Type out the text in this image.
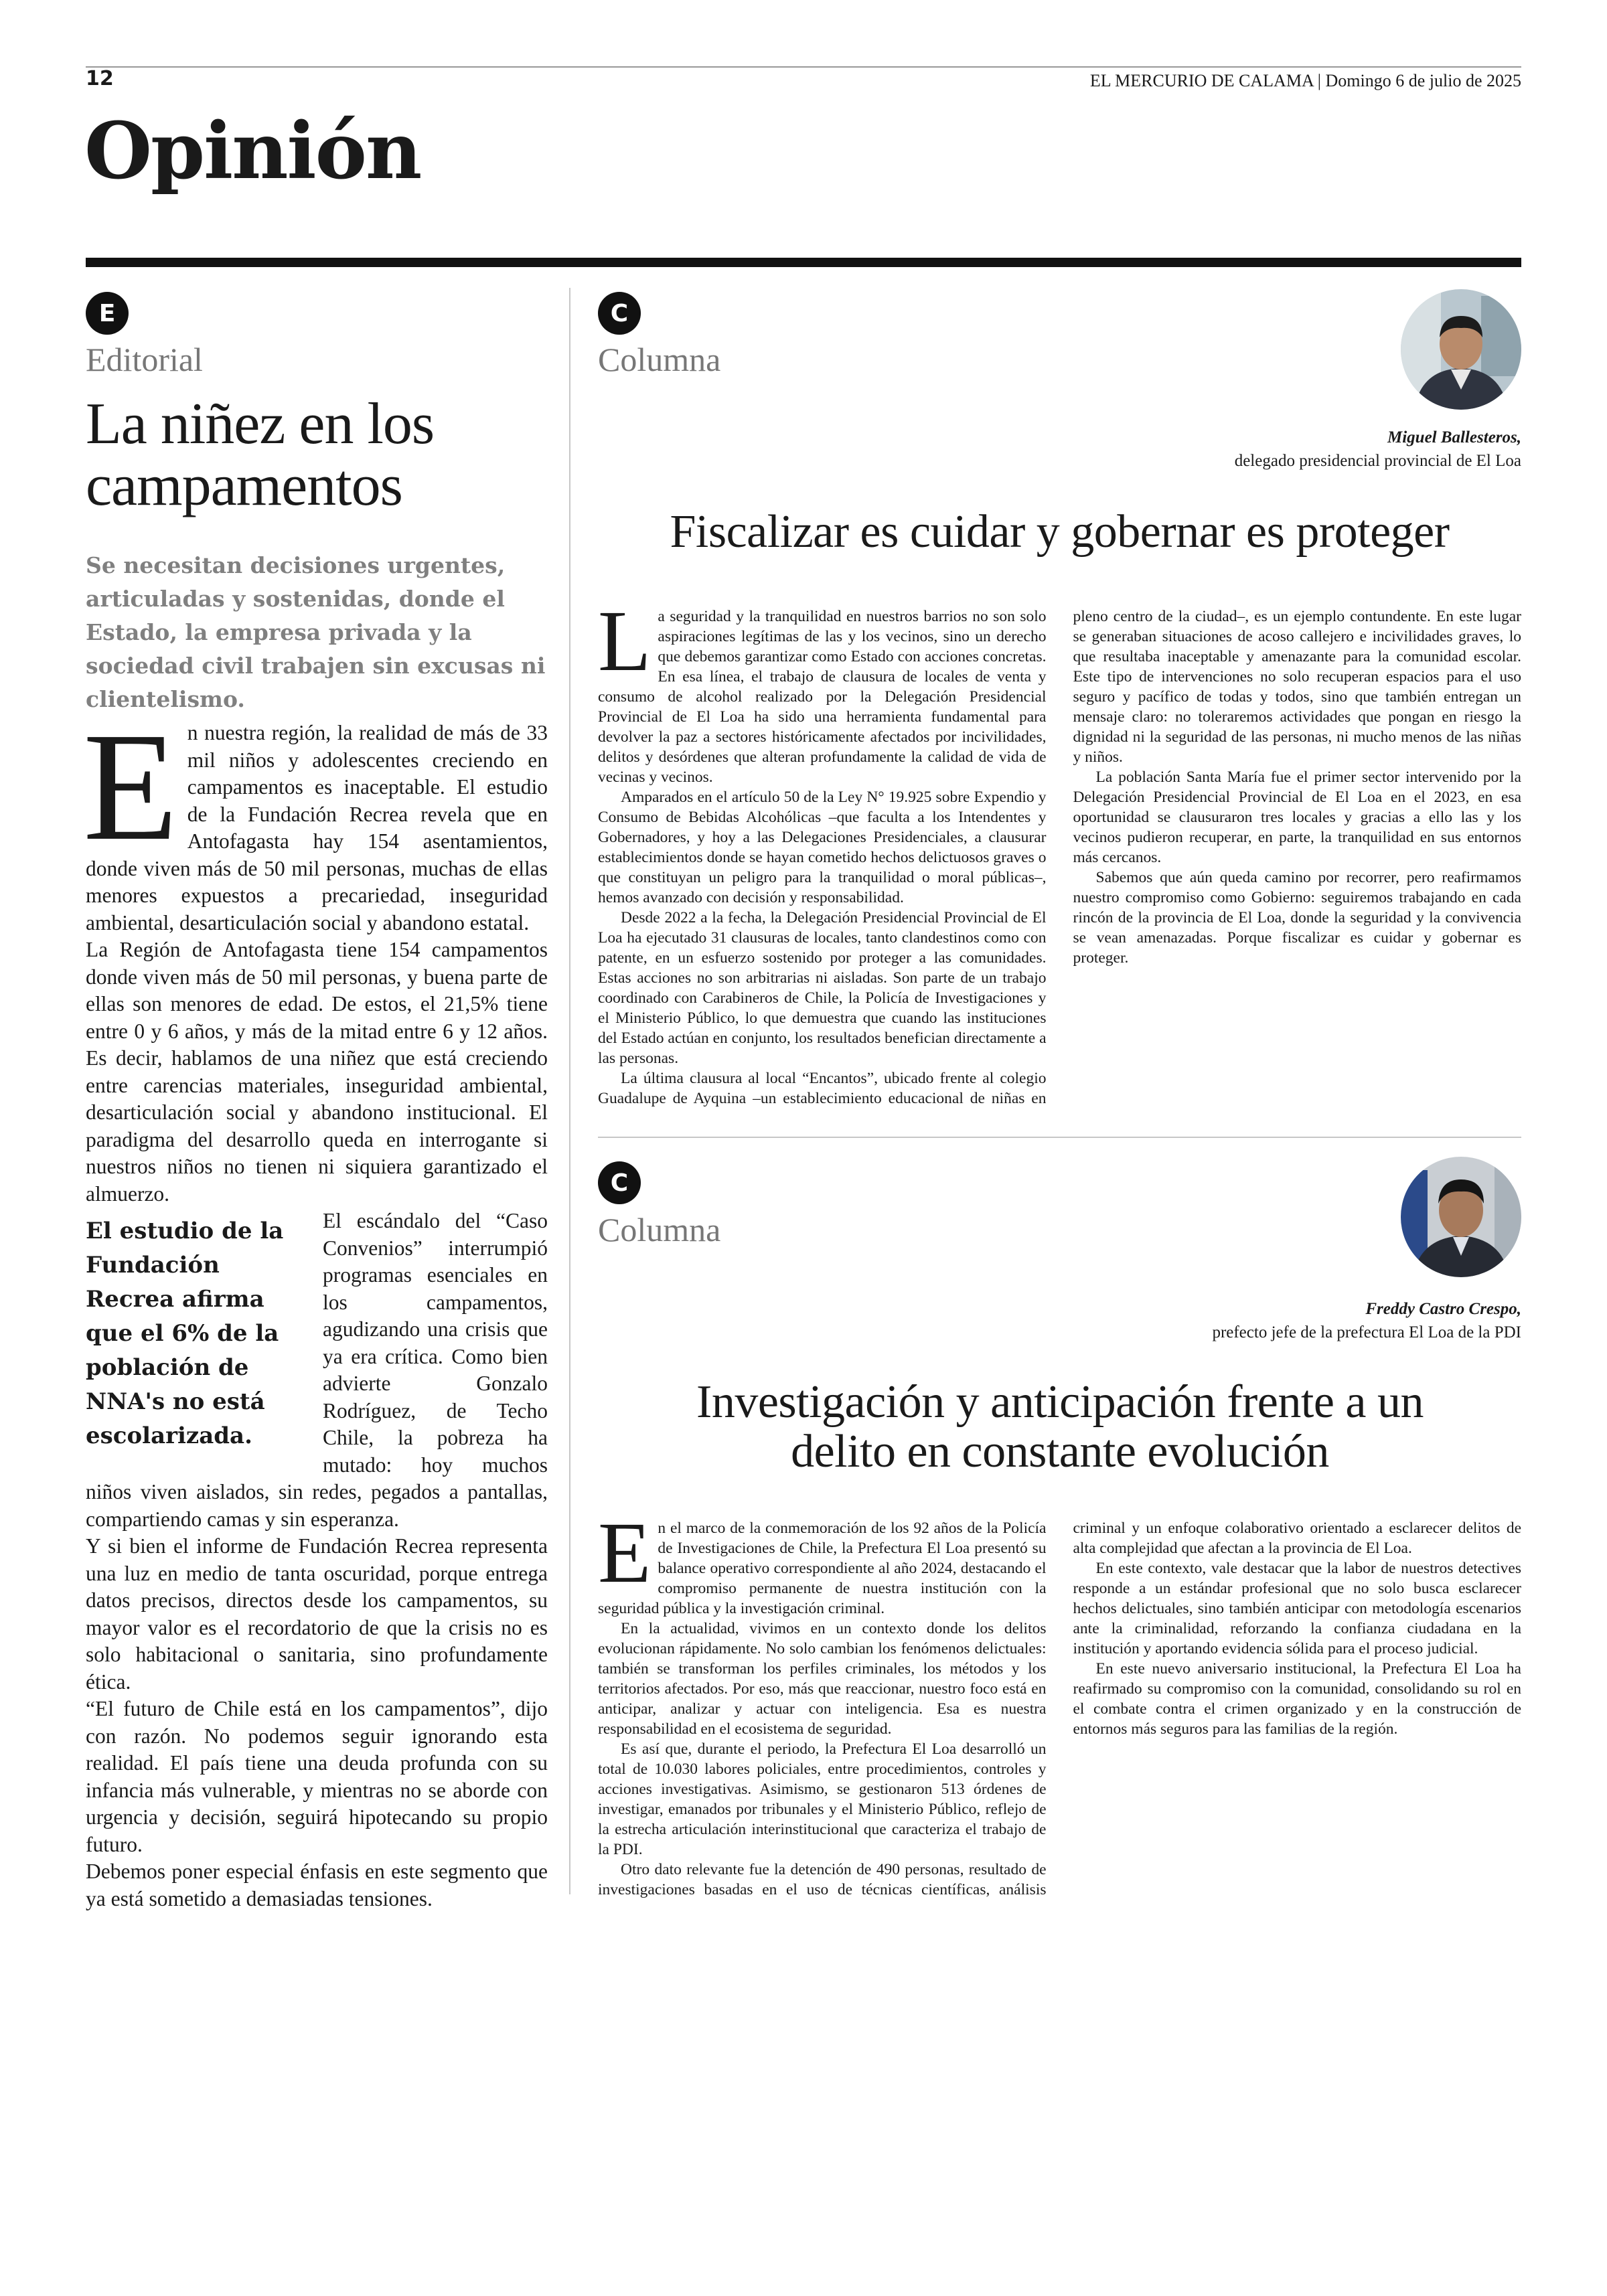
12	EL MERCURIO DE CALAMA | Domingo 6 de julio de 2025
Opinión
E
Editorial
La niñez en los campamentos

Se necesitan decisiones urgentes, articuladas y sostenidas, donde el Estado, la empresa privada y la sociedad civil trabajen sin excusas ni clientelismo.

E n nuestra región, la realidad de más de 33 mil niños y adolescentes creciendo en campamentos es inaceptable. El estudio de la Fundación Recrea revela que en Antofagasta hay 154 asentamientos, donde viven más de 50 mil personas, muchas de ellas menores expuestos a precariedad, inseguridad ambiental, desarticulación social y abandono estatal.

La Región de Antofagasta tiene 154 campamentos donde viven más de 50 mil personas, y buena parte de ellas son menores de edad. De estos, el 21,5% tiene entre 0 y 6 años, y más de la mitad entre 6 y 12 años. Es decir, hablamos de una niñez que está creciendo entre carencias materiales, inseguridad ambiental, desarticulación social y abandono institucional. El paradigma del desarrollo queda en interrogante si nuestros niños no tienen ni siquiera garantizado el almuerzo.

El estudio de la Fundación Recrea afirma que el 6% de la población de NNA's no está escolarizada.

El escándalo del “Caso Convenios” interrumpió programas esenciales en los campamentos, agudizando una crisis que ya era crítica. Como bien advierte Gonzalo Rodríguez, de Techo Chile, la pobreza ha mutado: hoy muchos niños viven aislados, sin redes, pegados a pantallas, compartiendo camas y sin esperanza.

Y si bien el informe de Fundación Recrea representa una luz en medio de tanta oscuridad, porque entrega datos precisos, directos desde los campamentos, su mayor valor es el recordatorio de que la crisis no es solo habitacional o sanitaria, sino profundamente ética.

“El futuro de Chile está en los campamentos”, dijo con razón. No podemos seguir ignorando esta realidad. El país tiene una deuda profunda con su infancia más vulnerable, y mientras no se aborde con urgencia y decisión, seguirá hipotecando su propio futuro.

Debemos poner especial énfasis en este segmento que ya está sometido a demasiadas tensiones.

C
Columna
Miguel Ballesteros,
delegado presidencial provincial de El Loa
Fiscalizar es cuidar y gobernar es proteger
L a seguridad y la tranquilidad en nuestros barrios no son solo aspiraciones legítimas de las y los vecinos, sino un derecho que debemos garantizar como Estado con acciones concretas. En esa línea, el trabajo de clausura de locales de venta y consumo de alcohol realizado por la Delegación Presidencial Provincial de El Loa ha sido una herramienta fundamental para devolver la paz a sectores históricamente afectados por incivilidades, delitos y desórdenes que alteran profundamente la calidad de vida de vecinas y vecinos.

Amparados en el artículo 50 de la Ley N° 19.925 sobre Expendio y Consumo de Bebidas Alcohólicas –que faculta a los Intendentes y Gobernadores, y hoy a las Delegaciones Presidenciales, a clausurar establecimientos donde se hayan cometido hechos delictuosos graves o que constituyan un peligro para la tranquilidad o moral públicas–, hemos avanzado con decisión y responsabilidad.

Desde 2022 a la fecha, la Delegación Presidencial Provincial de El Loa ha ejecutado 31 clausuras de locales, tanto clandestinos como con patente, en un esfuerzo sostenido por proteger a las comunidades. Estas acciones no son arbitrarias ni aisladas. Son parte de un trabajo coordinado con Carabineros de Chile, la Policía de Investigaciones y el Ministerio Público, lo que demuestra que cuando las instituciones del Estado actúan en conjunto, los resultados benefician directamente a las personas.

La última clausura al local “Encantos”, ubicado frente al colegio Guadalupe de Ayquina –un establecimiento educacional de niñas en pleno centro de la ciudad–, es un ejemplo contundente. En este lugar se generaban situaciones de acoso callejero e incivilidades graves, lo que resultaba inaceptable y amenazante para la comunidad escolar. Este tipo de intervenciones no solo recuperan espacios para el uso seguro y pacífico de todas y todos, sino que también entregan un mensaje claro: no toleraremos actividades que pongan en riesgo la dignidad ni la seguridad de las personas, ni mucho menos de las niñas y niños.

La población Santa María fue el primer sector intervenido por la Delegación Presidencial Provincial de El Loa en el 2023, en esa oportunidad se clausuraron tres locales y gracias a ello las y los vecinos pudieron recuperar, en parte, la tranquilidad en sus entornos más cercanos.

Sabemos que aún queda camino por recorrer, pero reafirmamos nuestro compromiso como Gobierno: seguiremos trabajando en cada rincón de la provincia de El Loa, donde la seguridad y la convivencia se vean amenazadas. Porque fiscalizar es cuidar y gobernar es proteger.

C
Columna
Freddy Castro Crespo,
prefecto jefe de la prefectura El Loa de la PDI
Investigación y anticipación frente a un delito en constante evolución
E n el marco de la conmemoración de los 92 años de la Policía de Investigaciones de Chile, la Prefectura El Loa presentó su balance operativo correspondiente al año 2024, destacando el compromiso permanente de nuestra institución con la seguridad pública y la investigación criminal.

En la actualidad, vivimos en un contexto donde los delitos evolucionan rápidamente. No solo cambian los fenómenos delictuales: también se transforman los perfiles criminales, los métodos y los territorios afectados. Por eso, más que reaccionar, nuestro foco está en anticipar, analizar y actuar con inteligencia. Esa es nuestra responsabilidad en el ecosistema de seguridad.

Es así que, durante el periodo, la Prefectura El Loa desarrolló un total de 10.030 labores policiales, entre procedimientos, controles y acciones investigativas. Asimismo, se gestionaron 513 órdenes de investigar, emanados por tribunales y el Ministerio Público, reflejo de la estrecha articulación interinstitucional que caracteriza el trabajo de la PDI.

Otro dato relevante fue la detención de 490 personas, resultado de investigaciones basadas en el uso de técnicas científicas, análisis criminal y un enfoque colaborativo orientado a esclarecer delitos de alta complejidad que afectan a la provincia de El Loa.

En este contexto, vale destacar que la labor de nuestros detectives responde a un estándar profesional que no solo busca esclarecer hechos delictuales, sino también anticipar con metodología escenarios ante la criminalidad, reforzando la confianza ciudadana en la institución y aportando evidencia sólida para el proceso judicial.

En este nuevo aniversario institucional, la Prefectura El Loa ha reafirmado su compromiso con la comunidad, consolidando su rol en el combate contra el crimen organizado y en la construcción de entornos más seguros para las familias de la región.
